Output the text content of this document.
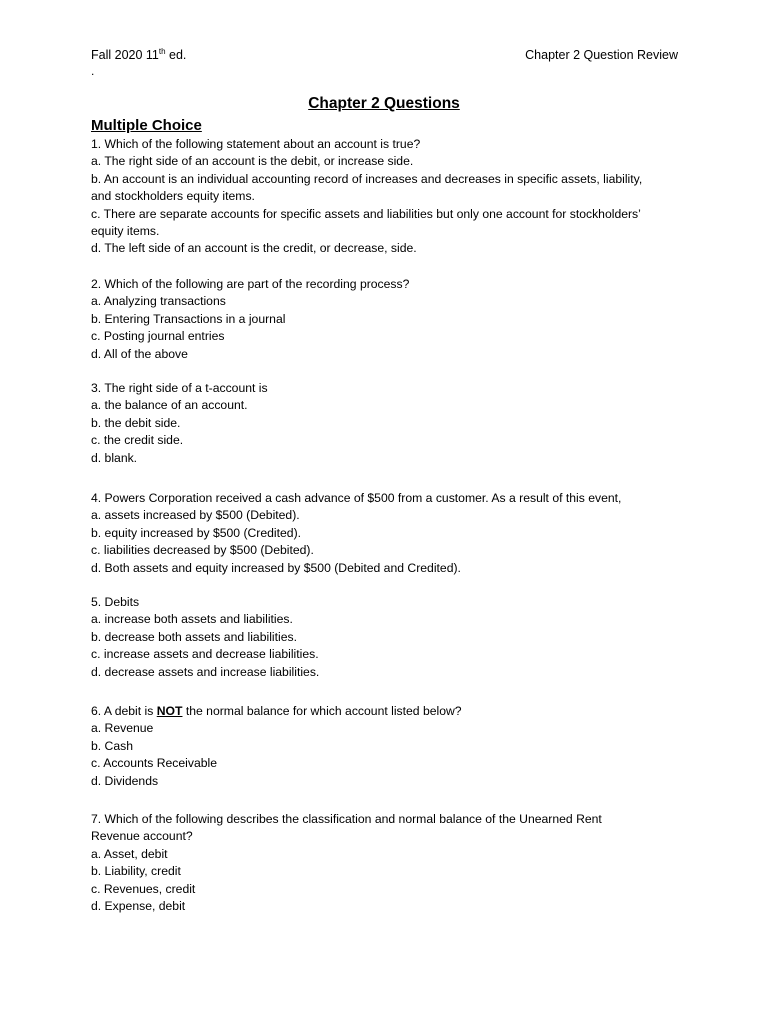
Fall 2020 11th ed.	Chapter 2 Question Review
.
Chapter 2 Questions
Multiple Choice
1. Which of the following statement about an account is true?
a. The right side of an account is the debit, or increase side.
b. An account is an individual accounting record of increases and decreases in specific assets, liability,
and stockholders equity items.
c. There are separate accounts for specific assets and liabilities but only one account for stockholders’
equity items.
d. The left side of an account is the credit, or decrease, side.
2. Which of the following are part of the recording process?
a. Analyzing transactions
b. Entering Transactions in a journal
c. Posting journal entries
d. All of the above
3. The right side of a t-account is
a. the balance of an account.
b. the debit side.
c. the credit side.
d. blank.
4. Powers Corporation received a cash advance of $500 from a customer. As a result of this event,
a. assets increased by $500 (Debited).
b. equity increased by $500 (Credited).
c. liabilities decreased by $500 (Debited).
d. Both assets and equity increased by $500 (Debited and Credited).
5. Debits
a. increase both assets and liabilities.
b. decrease both assets and liabilities.
c. increase assets and decrease liabilities.
d. decrease assets and increase liabilities.
6. A debit is NOT the normal balance for which account listed below?
a. Revenue
b. Cash
c. Accounts Receivable
d. Dividends
7. Which of the following describes the classification and normal balance of the Unearned Rent
Revenue account?
a. Asset, debit
b. Liability, credit
c. Revenues, credit
d. Expense, debit
